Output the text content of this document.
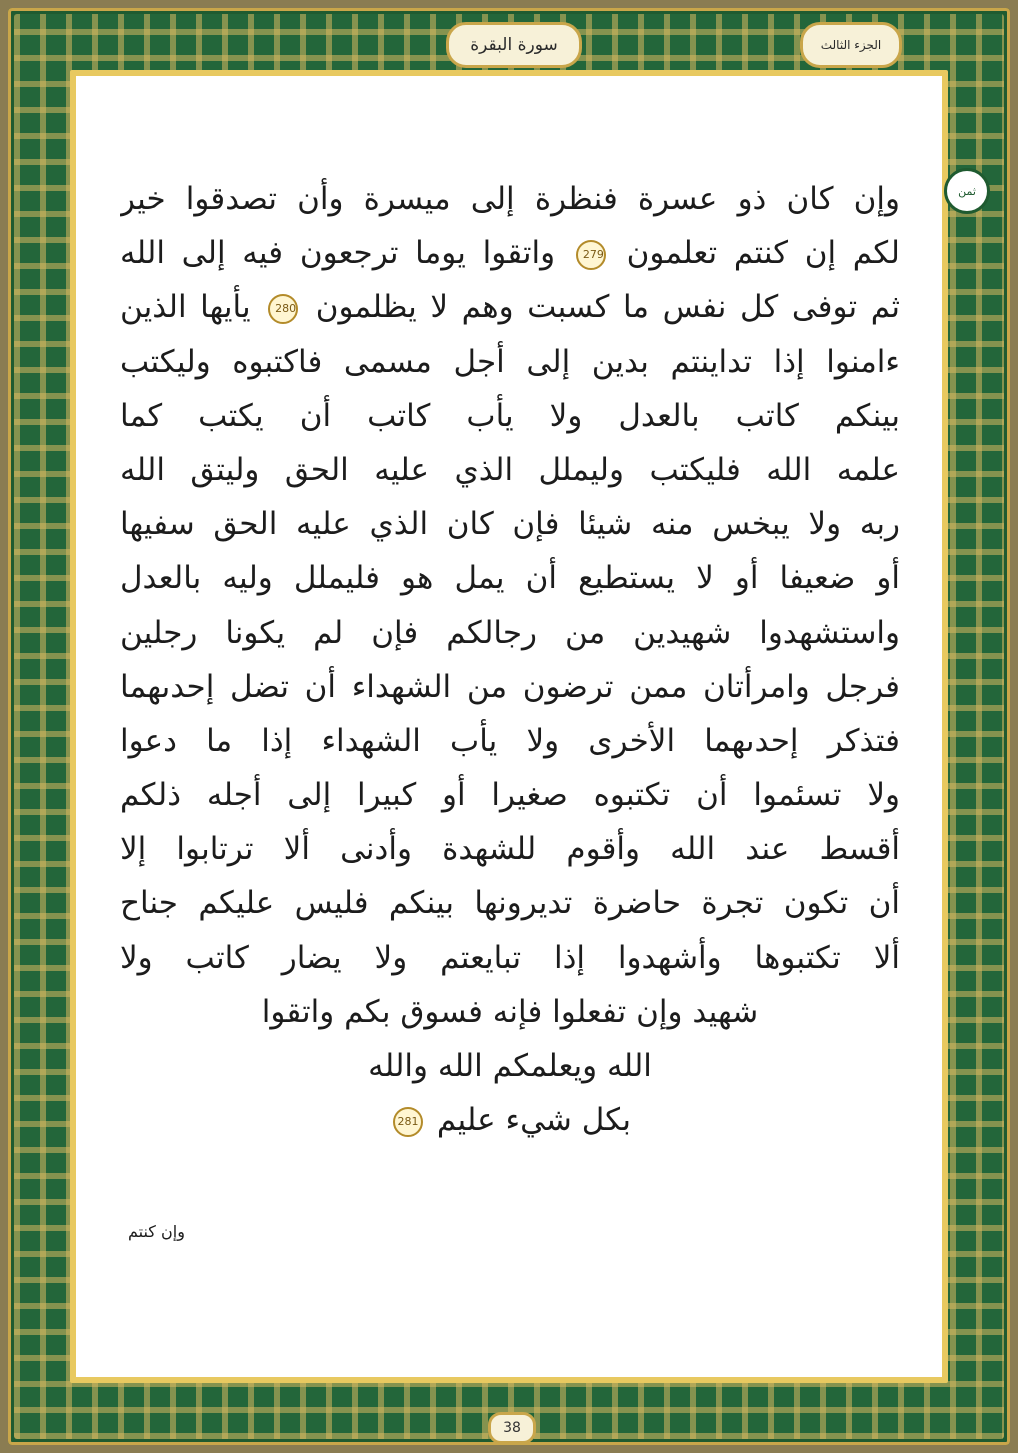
سورة البقرة	الجزء الثالث
ثمن
وإن كان ذو عسرة فنظرة إلى ميسرة وأن تصدقوا خير
لكم إن كنتم تعلمون 279 واتقوا يوما ترجعون فيه إلى الله
ثم توفى كل نفس ما كسبت وهم لا يظلمون 280 يأيها الذين
ءامنوا إذا تداينتم بدين إلى أجل مسمى فاكتبوه وليكتب
بينكم كاتب بالعدل ولا يأب كاتب أن يكتب كما
علمه الله فليكتب وليملل الذي عليه الحق وليتق الله
ربه ولا يبخس منه شيئا فإن كان الذي عليه الحق سفيها
أو ضعيفا أو لا يستطيع أن يمل هو فليملل وليه بالعدل
واستشهدوا شهيدين من رجالكم فإن لم يكونا رجلين
فرجل وامرأتان ممن ترضون من الشهداء أن تضل إحدىهما
فتذكر إحدىهما الأخرى ولا يأب الشهداء إذا ما دعوا
ولا تسئموا أن تكتبوه صغيرا أو كبيرا إلى أجله ذلكم
أقسط عند الله وأقوم للشهدة وأدنى ألا ترتابوا إلا
أن تكون تجرة حاضرة تديرونها بينكم فليس عليكم جناح
ألا تكتبوها وأشهدوا إذا تبايعتم ولا يضار كاتب ولا
شهيد وإن تفعلوا فإنه فسوق بكم واتقوا
الله ويعلمكم الله والله
بكل شيء عليم 281
وإن كنتم
38
